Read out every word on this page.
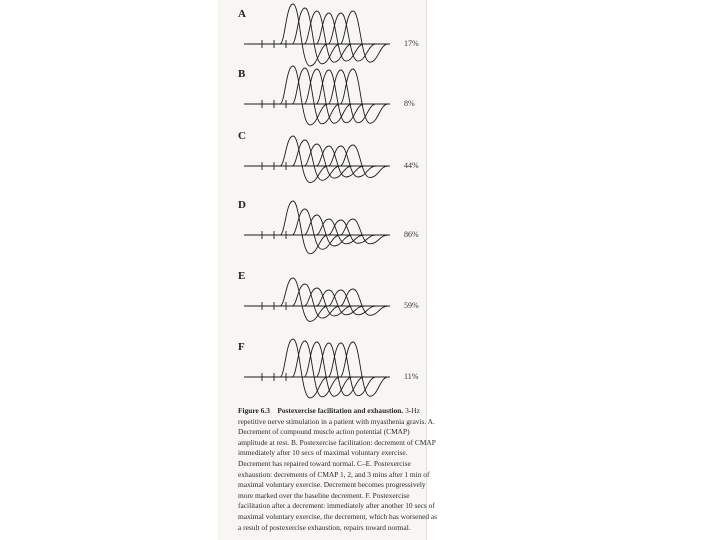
A
17%
B
8%
C
44%
D
86%
E
59%
F
11%
Figure 6.3 Postexercise facilitation and exhaustion. 3-Hz repetitive nerve stimulation in a patient with myasthenia gravis. A. Decrement of compound muscle action potential (CMAP) amplitude at rest. B. Postexercise facilitation: decrement of CMAP immediately after 10 secs of maximal voluntary exercise. Decrement has repaired toward normal. C–E. Postexercise exhaustion: decrements of CMAP 1, 2, and 3 mins after 1 min of maximal voluntary exercise. Decrement becomes progressively more marked over the baseline decrement. F. Postexercise facilitation after a decrement: immediately after another 10 secs of maximal voluntary exercise, the decrement, which has worsened as a result of postexercise exhaustion, repairs toward normal.
